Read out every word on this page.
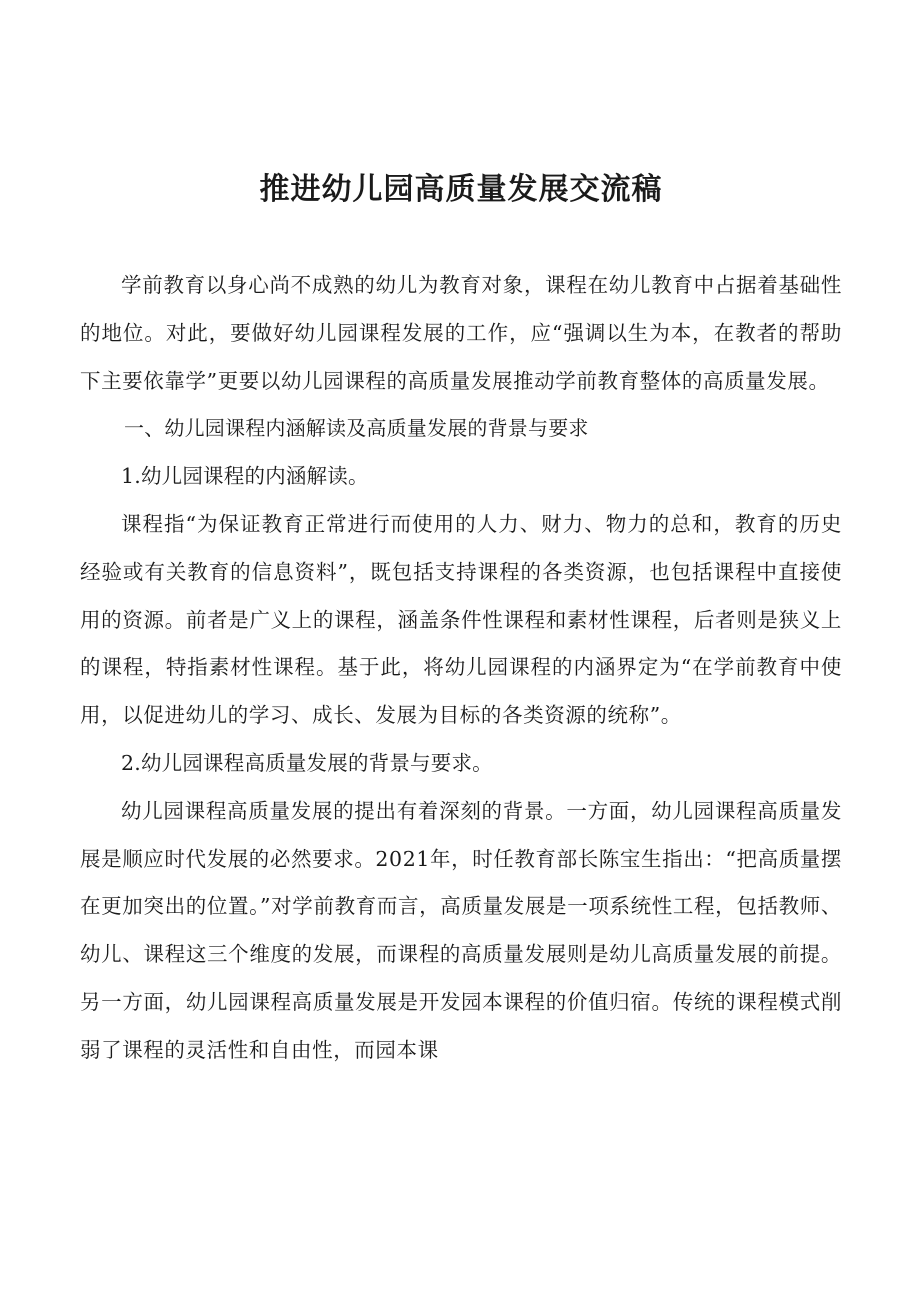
推进幼儿园高质量发展交流稿

学前教育以身心尚不成熟的幼儿为教育对象，课程在幼儿教育中占据着基础性的地位。对此，要做好幼儿园课程发展的工作，应“强调以生为本，在教者的帮助下主要依靠学”更要以幼儿园课程的高质量发展推动学前教育整体的高质量发展。

一、幼儿园课程内涵解读及高质量发展的背景与要求

1.幼儿园课程的内涵解读。

课程指“为保证教育正常进行而使用的人力、财力、物力的总和，教育的历史经验或有关教育的信息资料”，既包括支持课程的各类资源，也包括课程中直接使用的资源。前者是广义上的课程，涵盖条件性课程和素材性课程，后者则是狭义上的课程，特指素材性课程。基于此，将幼儿园课程的内涵界定为“在学前教育中使用，以促进幼儿的学习、成长、发展为目标的各类资源的统称”。

2.幼儿园课程高质量发展的背景与要求。

幼儿园课程高质量发展的提出有着深刻的背景。一方面，幼儿园课程高质量发展是顺应时代发展的必然要求。2021年，时任教育部长陈宝生指出：“把高质量摆在更加突出的位置。”对学前教育而言，高质量发展是一项系统性工程，包括教师、幼儿、课程这三个维度的发展，而课程的高质量发展则是幼儿高质量发展的前提。另一方面，幼儿园课程高质量发展是开发园本课程的价值归宿。传统的课程模式削弱了课程的灵活性和自由性，而园本课
